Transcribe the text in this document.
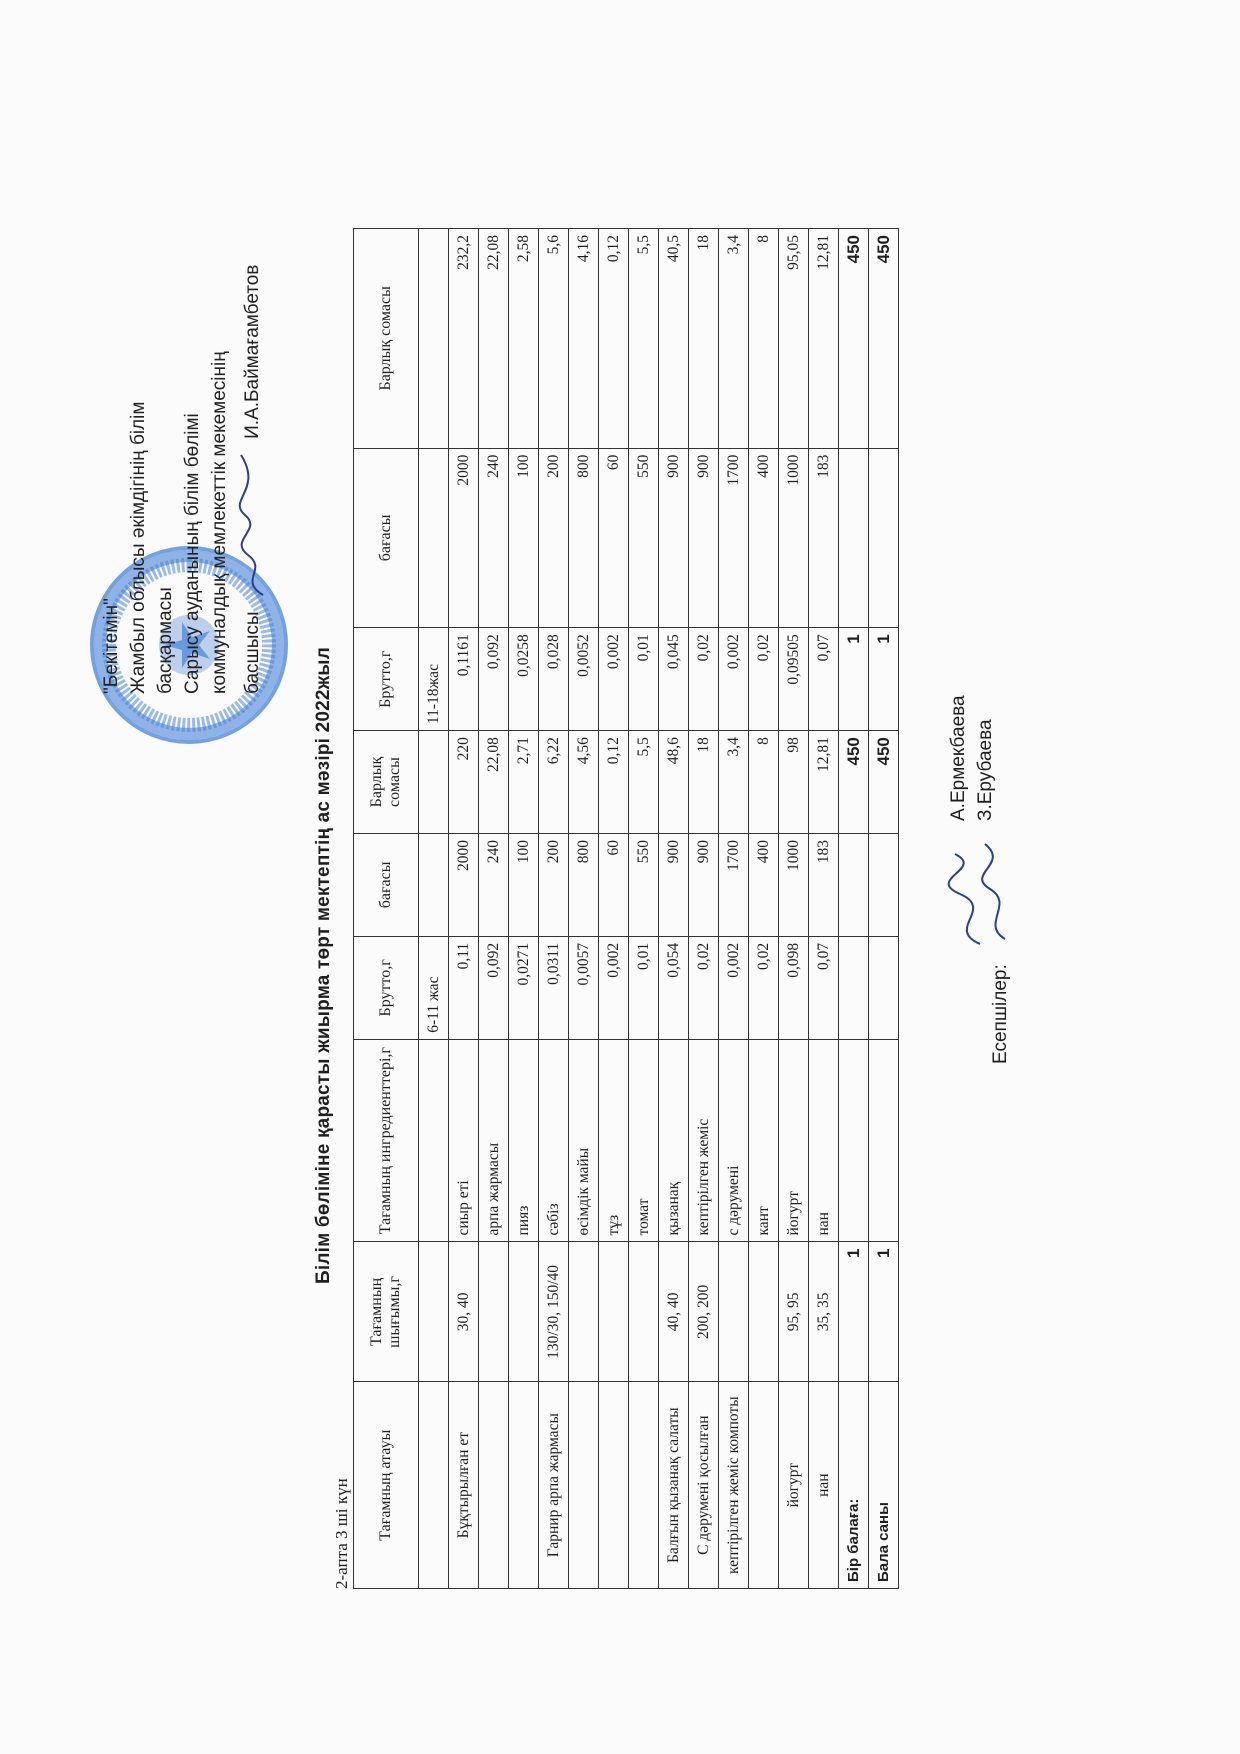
"Бекітемін" Жамбыл облысы әкімдігінің білім басқармасы Сарысу ауданының білім бөлімі коммуналдық мемлекеттік мекемесінің басшысы  И.А.Баймағамбетов
Білім бөліміне қарасты жиырма төрт мектептің ас мәзірі 2022жыл
2-апта 3 ші күн Тағамның атауы	Тағамның шығымы,г	Тағамның ингредиенттері,г	Брутто,г	бағасы	Барлық сомасы	Брутто,г	бағасы	Барлық сомасы
			6-11 жас			11-18жас		
Бұқтырылған ет	30, 40	сиыр еті	0,11	2000	220	0,1161	2000	232,2
		арпа жармасы	0,092	240	22,08	0,092	240	22,08
		пияз	0,0271	100	2,71	0,0258	100	2,58
Гарнир арпа жармасы	130/30, 150/40	сәбіз	0,0311	200	6,22	0,028	200	5,6
		өсімдік майы	0,0057	800	4,56	0,0052	800	4,16
		тұз	0,002	60	0,12	0,002	60	0,12
		томат	0,01	550	5,5	0,01	550	5,5
Балғын қызанақ салаты	40, 40	қызанақ	0,054	900	48,6	0,045	900	40,5
С дәрумені қосылған	200, 200	кептірілген жеміс	0,02	900	18	0,02	900	18
кептірілген жеміс компоты		с дәрумені	0,002	1700	3,4	0,002	1700	3,4
		кант	0,02	400	8	0,02	400	8
йогурт	95, 95	йогурт	0,098	1000	98	0,09505	1000	95,05
нан	35, 35	нан	0,07	183	12,81	0,07	183	12,81
Бір балаға:	1				450	1		450
Бала саны	1				450	1		450
Есепшілер:
А.Ермекбаева З.Ерубаева
